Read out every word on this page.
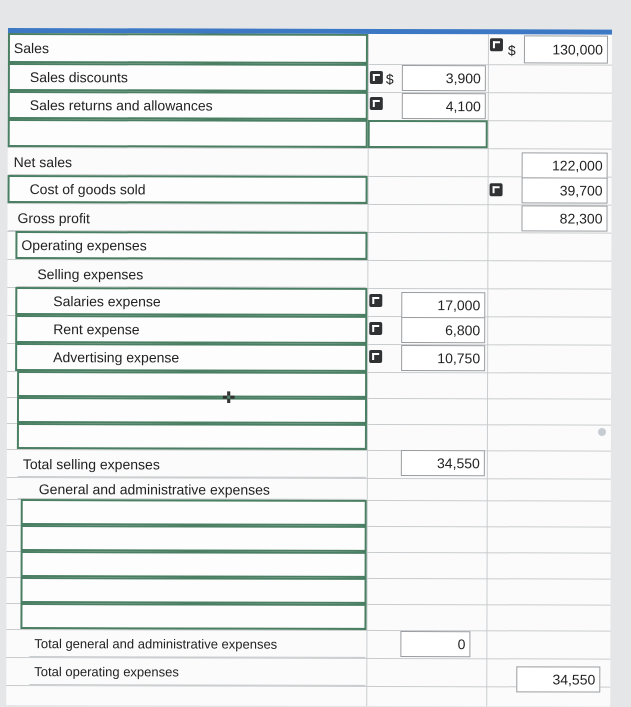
Sales	$	130,000
Sales discounts	$	3,900
Sales returns and allowances	4,100
Net sales	122,000
Cost of goods sold	39,700
Gross profit	82,300
Operating expenses
Selling expenses
Salaries expense	17,000
Rent expense	6,800
Advertising expense	10,750
Total selling expenses	34,550
General and administrative expenses
Total general and administrative expenses	0
Total operating expenses	34,550
✜
